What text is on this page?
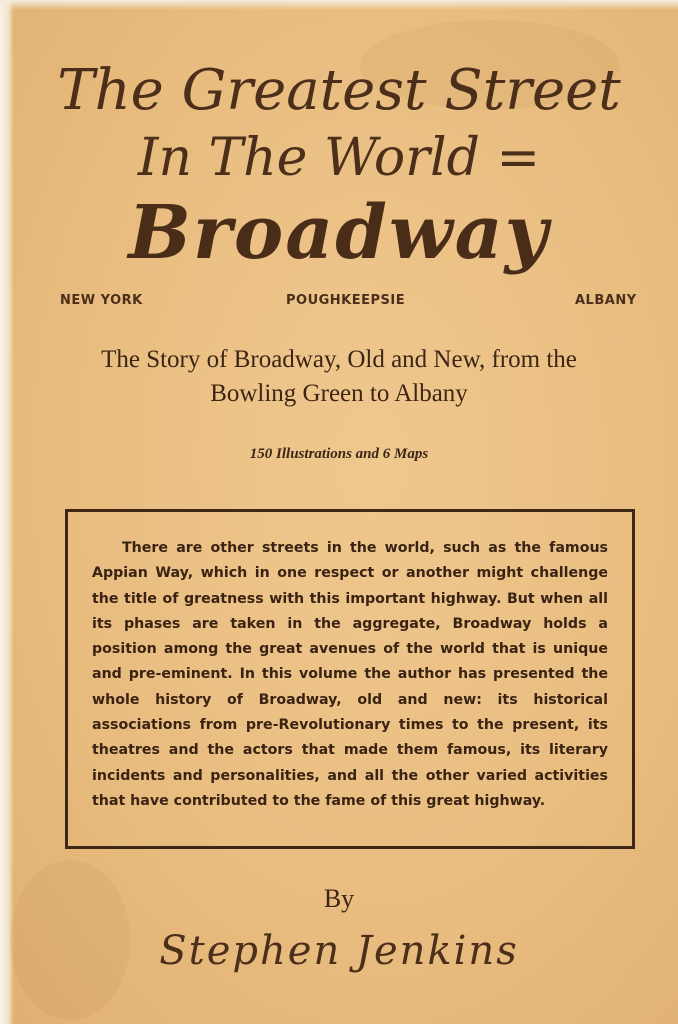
The Greatest Street
In The World =
Broadway
NEW YORK	POUGHKEEPSIE	ALBANY
The Story of Broadway, Old and New, from the
Bowling Green to Albany
150 Illustrations and 6 Maps

There are other streets in the world, such as the famous Appian Way, which in one respect or another might challenge the title of greatness with this important highway. But when all its phases are taken in the aggregate, Broadway holds a position among the great avenues of the world that is unique and pre-eminent. In this volume the author has presented the whole history of Broadway, old and new: its historical associations from pre-Revolutionary times to the present, its theatres and the actors that made them famous, its literary incidents and personalities, and all the other varied activities that have contributed to the fame of this great highway.

By
Stephen Jenkins
